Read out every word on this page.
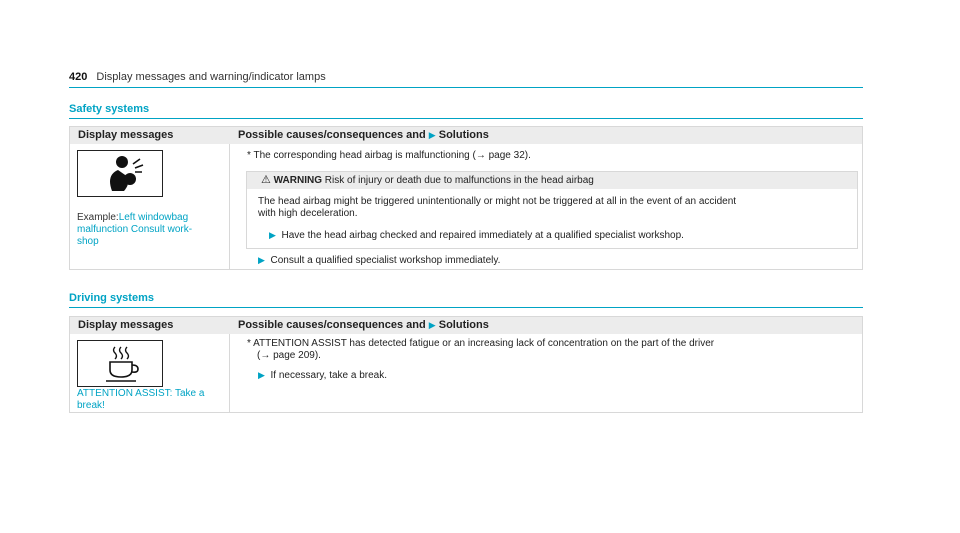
420 Display messages and warning/indicator lamps
Safety systems
Display messages	Possible causes/consequences and ▶ Solutions
Example:Left windowbag
malfunction Consult work-
shop
* The corresponding head airbag is malfunctioning (→ page 32).
⚠ WARNING Risk of injury or death due to malfunctions in the head airbag
The head airbag might be triggered unintentionally or might not be triggered at all in the event of an accident
with high deceleration.
▶ Have the head airbag checked and repaired immediately at a qualified specialist workshop.
▶ Consult a qualified specialist workshop immediately.
Driving systems
Display messages	Possible causes/consequences and ▶ Solutions
ATTENTION ASSIST: Take a
break!
* ATTENTION ASSIST has detected fatigue or an increasing lack of concentration on the part of the driver
(→ page 209).
▶ If necessary, take a break.
